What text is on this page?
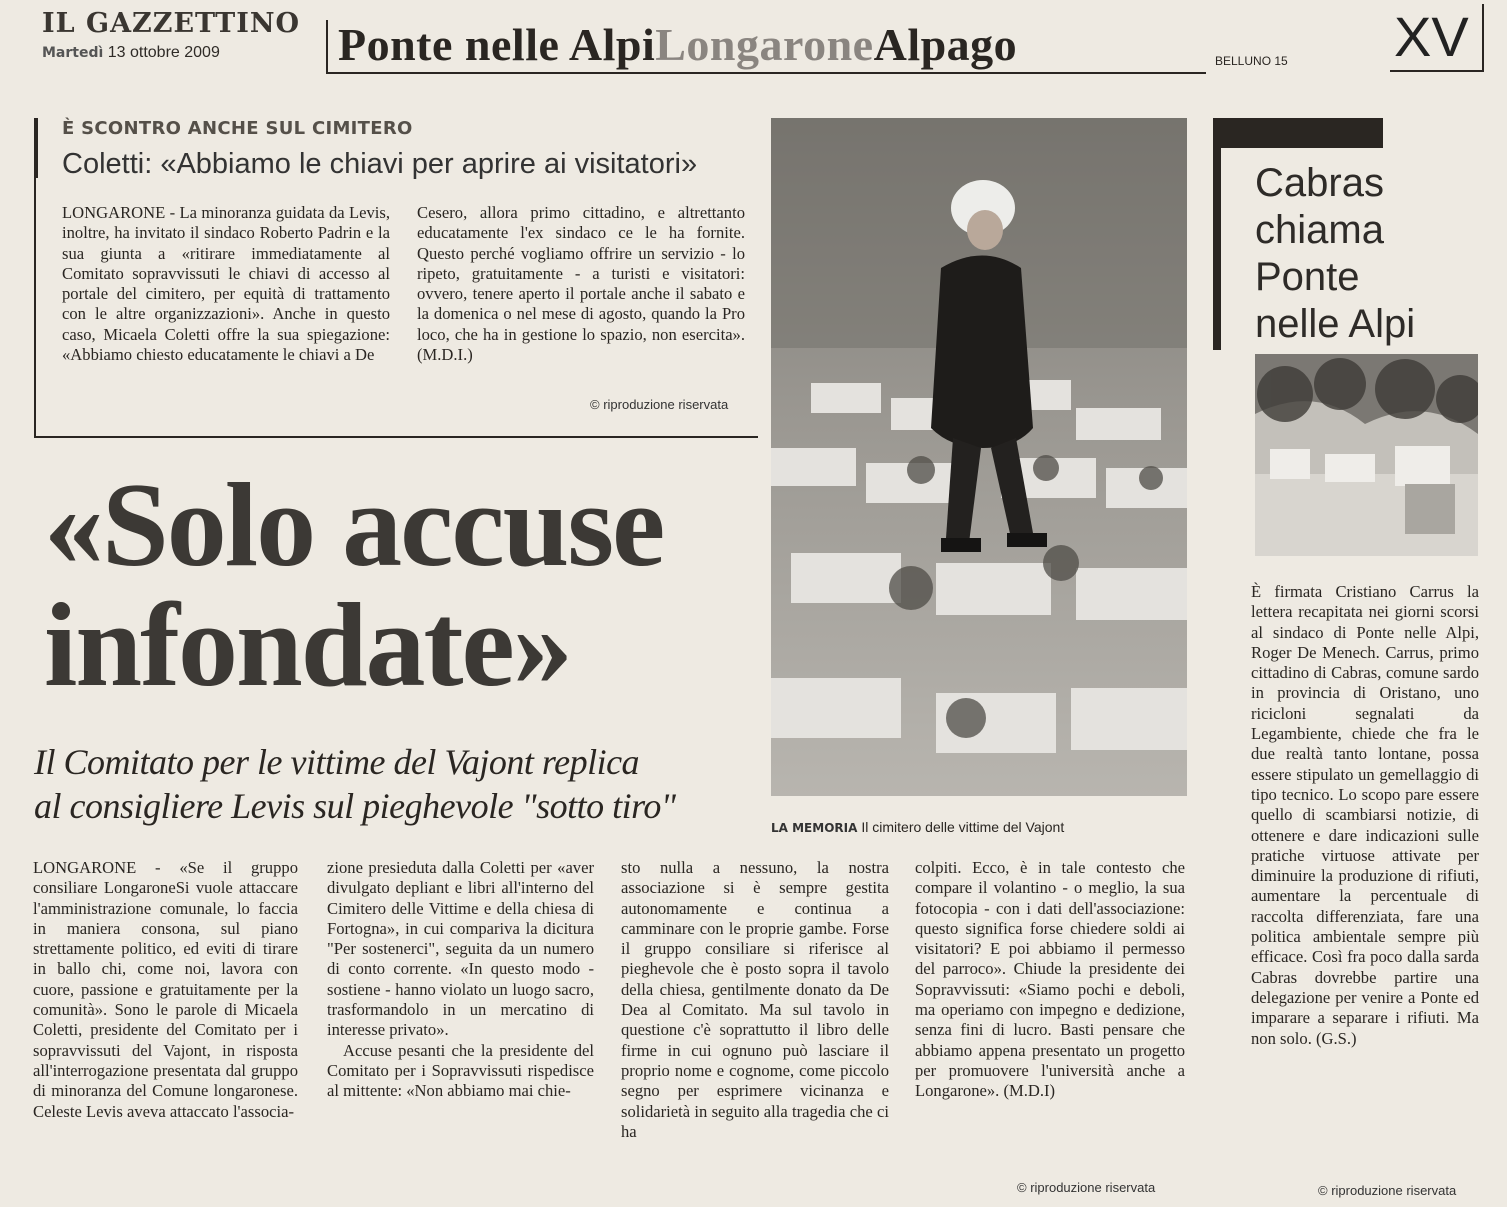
IL GAZZETTINO
Martedì 13 ottobre 2009	Ponte nelle AlpiLongaroneAlpago	BELLUNO 15 XV
È SCONTRO ANCHE SUL CIMITERO
Coletti: «Abbiamo le chiavi per aprire ai visitatori»

LONGARONE - La minoranza guidata da Levis, inoltre, ha invitato il sindaco Roberto Padrin e la sua giunta a «ritirare immediatamente al Comitato sopravvissuti le chiavi di accesso al portale del cimitero, per equità di trattamento con le altre organizzazioni». Anche in questo caso, Micaela Coletti offre la sua spiegazione: «Abbiamo chiesto educatamente le chiavi a De

Cesero, allora primo cittadino, e altrettanto educatamente l'ex sindaco ce le ha fornite. Questo perché vogliamo offrire un servizio - lo ripeto, gratuitamente - a turisti e visitatori: ovvero, tenere aperto il portale anche il sabato e la domenica o nel mese di agosto, quando la Pro loco, che ha in gestione lo spazio, non esercita». (M.D.I.)

© riproduzione riservata
«Solo accuse
infondate»
Il Comitato per le vittime del Vajont replica
al consigliere Levis sul pieghevole "sotto tiro"
LA MEMORIA Il cimitero delle vittime del Vajont

LONGARONE - «Se il gruppo consiliare LongaroneSi vuole attaccare l'amministrazione comunale, lo faccia in maniera consona, sul piano strettamente politico, ed eviti di tirare in ballo chi, come noi, lavora con cuore, passione e gratuitamente per la comunità». Sono le parole di Micaela Coletti, presidente del Comitato per i sopravvissuti del Vajont, in risposta all'interrogazione presentata dal gruppo di minoranza del Comune longaronese. Celeste Levis aveva attaccato l'associa-

zione presieduta dalla Coletti per «aver divulgato depliant e libri all'interno del Cimitero delle Vittime e della chiesa di Fortogna», in cui compariva la dicitura "Per sostenerci", seguita da un numero di conto corrente. «In questo modo - sostiene - hanno violato un luogo sacro, trasformandolo in un mercatino di interesse privato».

Accuse pesanti che la presidente del Comitato per i Sopravvissuti rispedisce al mittente: «Non abbiamo mai chie-

sto nulla a nessuno, la nostra associazione si è sempre gestita autonomamente e continua a camminare con le proprie gambe. Forse il gruppo consiliare si riferisce al pieghevole che è posto sopra il tavolo della chiesa, gentilmente donato da De Dea al Comitato. Ma sul tavolo in questione c'è soprattutto il libro delle firme in cui ognuno può lasciare il proprio nome e cognome, come piccolo segno per esprimere vicinanza e solidarietà in seguito alla tragedia che ci ha

colpiti. Ecco, è in tale contesto che compare il volantino - o meglio, la sua fotocopia - con i dati dell'associazione: questo significa forse chiedere soldi ai visitatori? E poi abbiamo il permesso del parroco». Chiude la presidente dei Sopravvissuti: «Siamo pochi e deboli, ma operiamo con impegno e dedizione, senza fini di lucro. Basti pensare che abbiamo appena presentato un progetto per promuovere l'università anche a Longarone». (M.D.I)

© riproduzione riservata
Cabras
chiama
Ponte
nelle Alpi

È firmata Cristiano Carrus la lettera recapitata nei giorni scorsi al sindaco di Ponte nelle Alpi, Roger De Menech. Carrus, primo cittadino di Cabras, comune sardo in provincia di Oristano, uno ricicloni segnalati da Legambiente, chiede che fra le due realtà tanto lontane, possa essere stipulato un gemellaggio di tipo tecnico. Lo scopo pare essere quello di scambiarsi notizie, di ottenere e dare indicazioni sulle pratiche virtuose attivate per diminuire la produzione di rifiuti, aumentare la percentuale di raccolta differenziata, fare una politica ambientale sempre più efficace. Così fra poco dalla sarda Cabras dovrebbe partire una delegazione per venire a Ponte ed imparare a separare i rifiuti. Ma non solo. (G.S.)

© riproduzione riservata
